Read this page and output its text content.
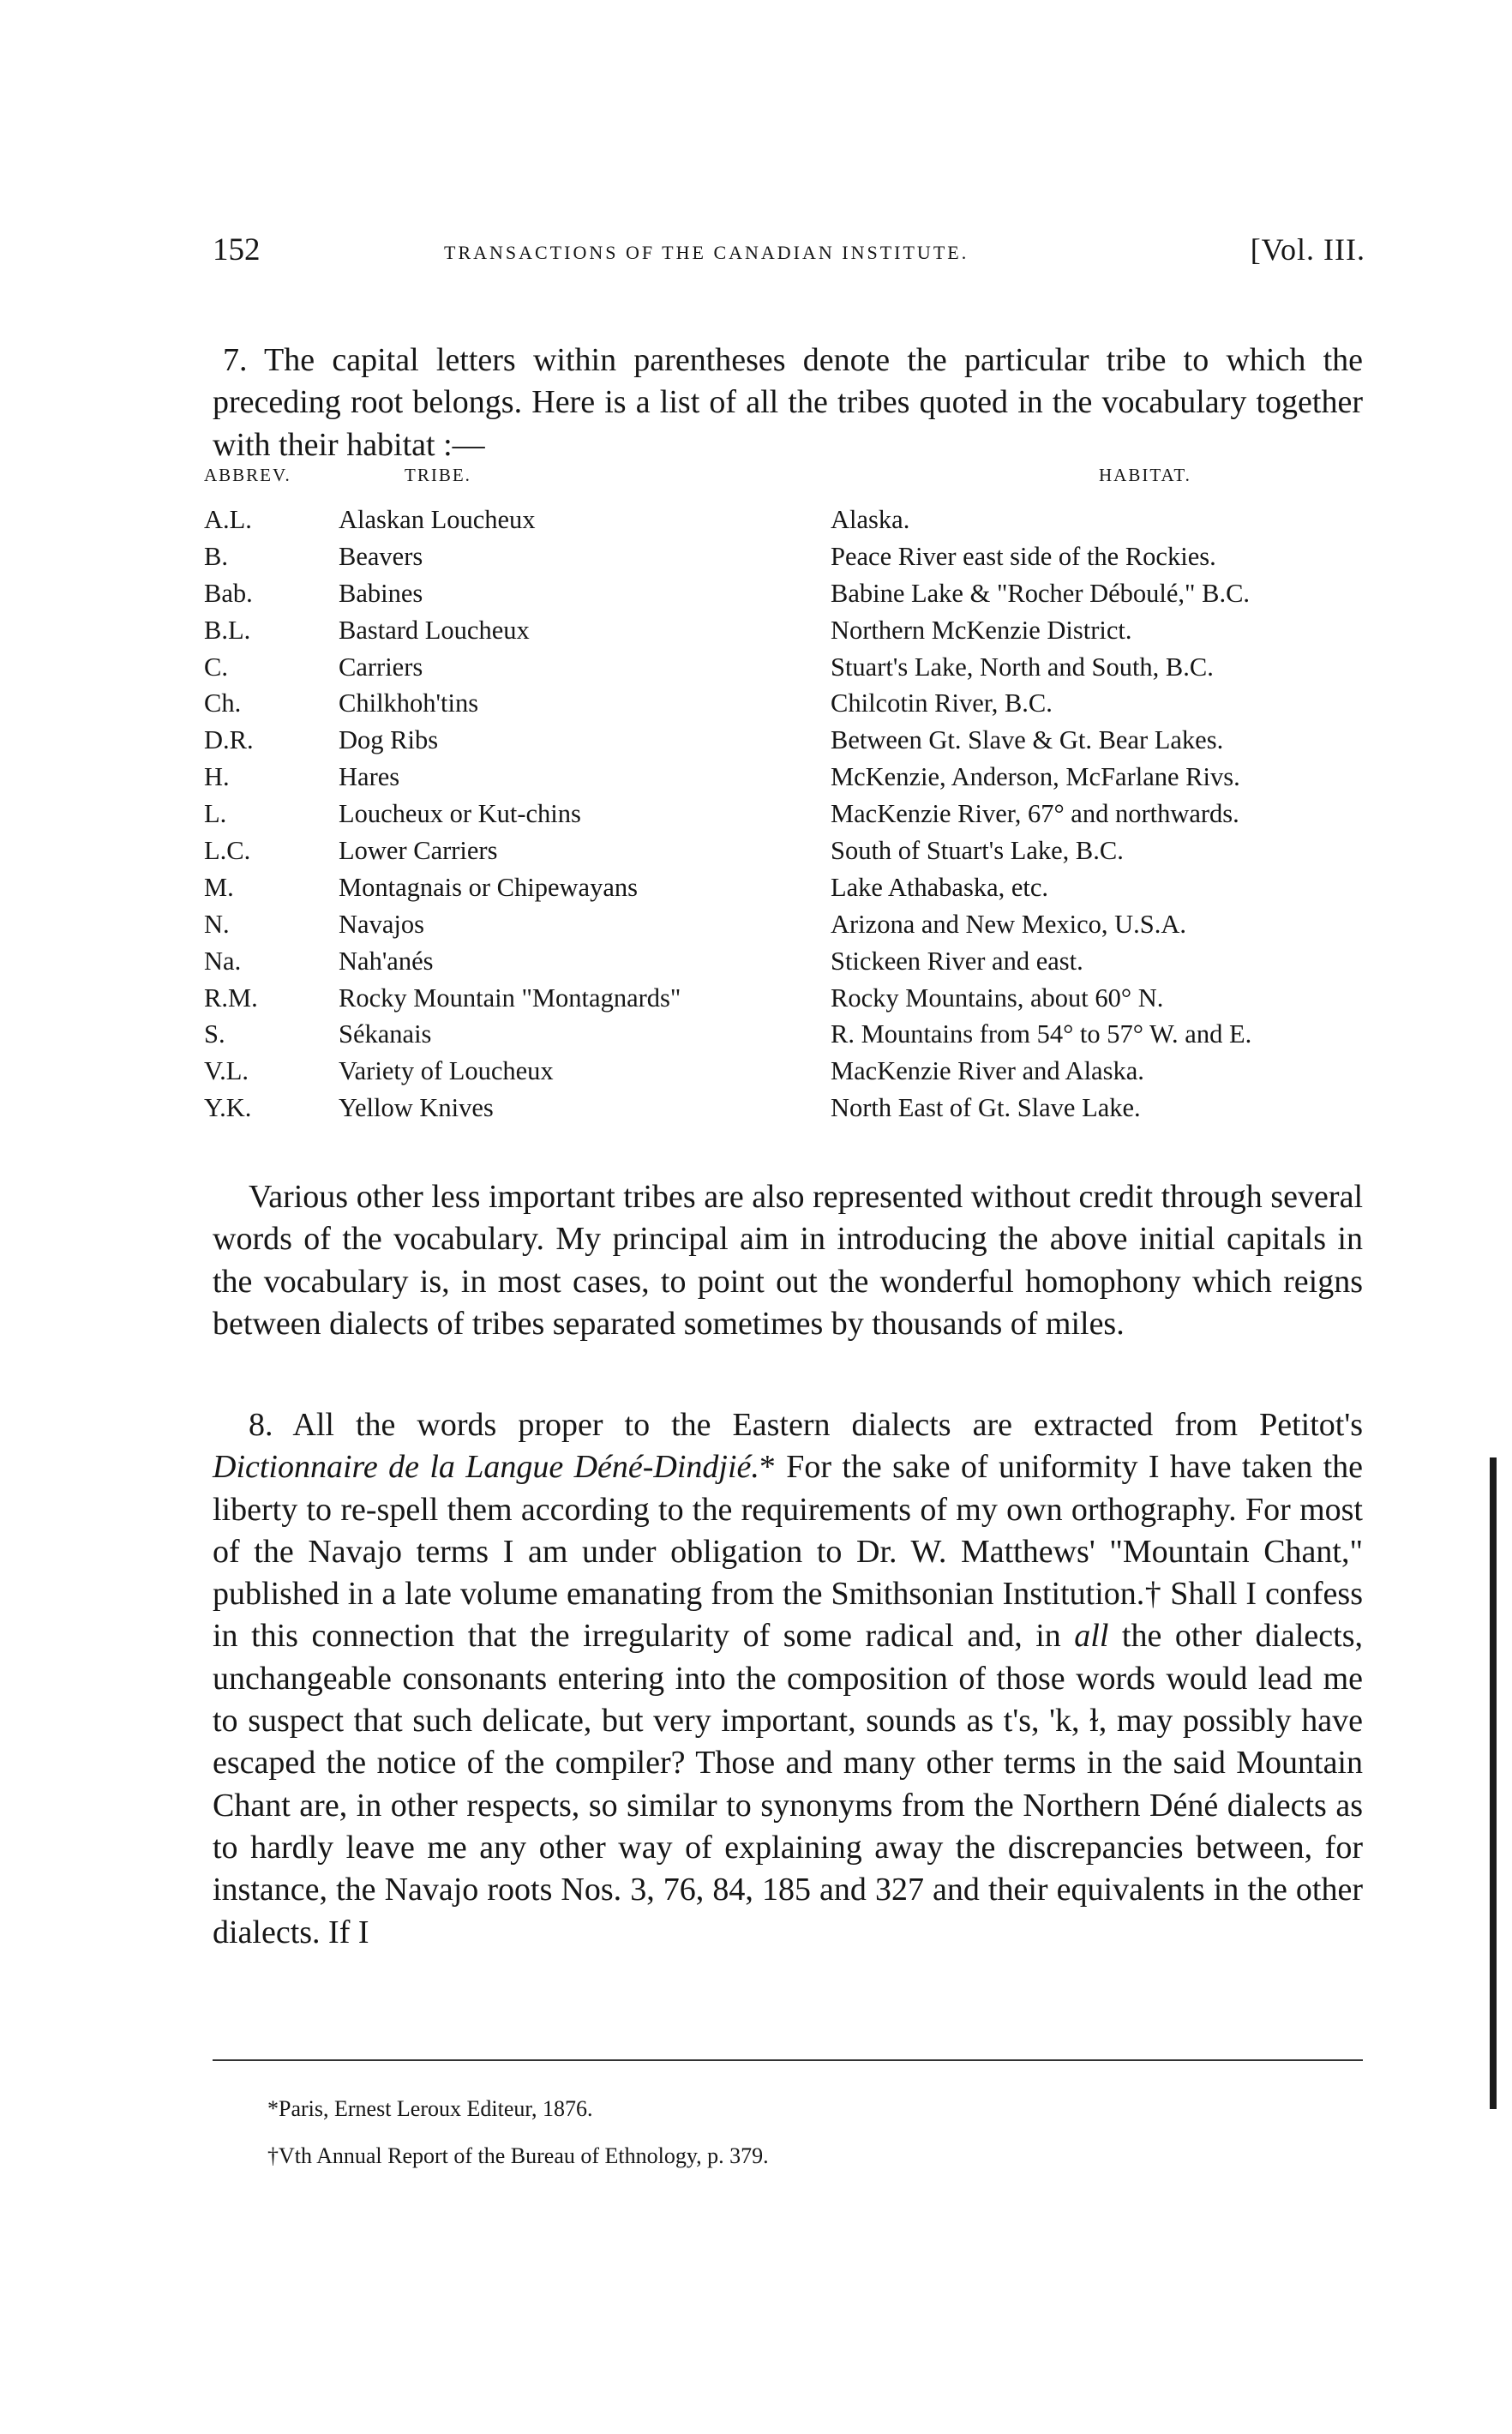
152	TRANSACTIONS OF THE CANADIAN INSTITUTE.	[Vol. III.

7. The capital letters within parentheses denote the particular tribe to which the preceding root belongs. Here is a list of all the tribes quoted in the vocabulary together with their habitat :—

ABBREV.	TRIBE.	HABITAT.
A.L.	Alaskan Loucheux	Alaska.
B.	Beavers	Peace River east side of the Rockies.
Bab.	Babines	Babine Lake & "Rocher Déboulé," B.C.
B.L.	Bastard Loucheux	Northern McKenzie District.
C.	Carriers	Stuart's Lake, North and South, B.C.
Ch.	Chilkhoh'tins	Chilcotin River, B.C.
D.R.	Dog Ribs	Between Gt. Slave & Gt. Bear Lakes.
H.	Hares	McKenzie, Anderson, McFarlane Rivs.
L.	Loucheux or Kut-chins	MacKenzie River, 67° and northwards.
L.C.	Lower Carriers	South of Stuart's Lake, B.C.
M.	Montagnais or Chipewayans	Lake Athabaska, etc.
N.	Navajos	Arizona and New Mexico, U.S.A.
Na.	Nah'anés	Stickeen River and east.
R.M.	Rocky Mountain "Montagnards"	Rocky Mountains, about 60° N.
S.	Sékanais	R. Mountains from 54° to 57° W. and E.
V.L.	Variety of Loucheux	MacKenzie River and Alaska.
Y.K.	Yellow Knives	North East of Gt. Slave Lake.

Various other less important tribes are also represented without credit through several words of the vocabulary. My principal aim in introducing the above initial capitals in the vocabulary is, in most cases, to point out the wonderful homophony which reigns between dialects of tribes separated sometimes by thousands of miles.

8. All the words proper to the Eastern dialects are extracted from Petitot's Dictionnaire de la Langue Déné-Dindjié.* For the sake of uniformity I have taken the liberty to re-spell them according to the requirements of my own orthography. For most of the Navajo terms I am under obligation to Dr. W. Matthews' "Mountain Chant," published in a late volume emanating from the Smithsonian Institution.† Shall I confess in this connection that the irregularity of some radical and, in all the other dialects, unchangeable consonants entering into the composition of those words would lead me to suspect that such delicate, but very important, sounds as t's, 'k, ɫ, may possibly have escaped the notice of the compiler? Those and many other terms in the said Mountain Chant are, in other respects, so similar to synonyms from the Northern Déné dialects as to hardly leave me any other way of explaining away the discrepancies between, for instance, the Navajo roots Nos. 3, 76, 84, 185 and 327 and their equivalents in the other dialects. If I

*Paris, Ernest Leroux Editeur, 1876.
†Vth Annual Report of the Bureau of Ethnology, p. 379.
